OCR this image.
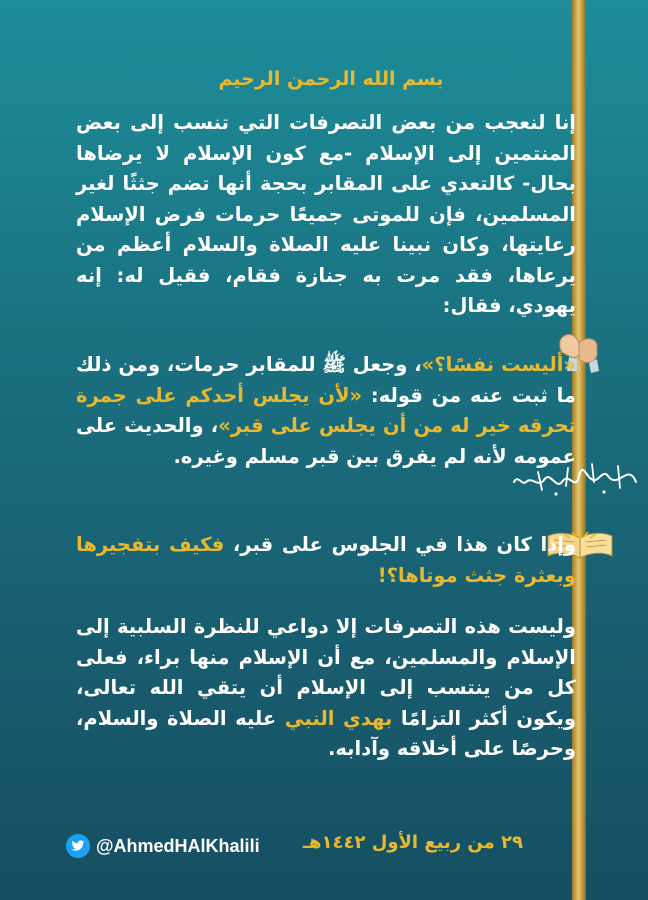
بسم الله الرحمن الرحيم

إنا لنعجب من بعض التصرفات التي تنسب إلى بعض المنتمين إلى الإسلام -مع كون الإسلام لا يرضاها بحال- كالتعدي على المقابر بحجة أنها تضم جثثًا لغير المسلمين، فإن للموتى جميعًا حرمات فرض الإسلام رعايتها، وكان نبينا عليه الصلاة والسلام أعظم من يرعاها، فقد مرت به جنازة فقام، فقيل له: إنه يهودي، فقال:

«أليست نفسًا؟»، وجعل ﷺ للمقابر حرمات، ومن ذلك ما ثبت عنه من قوله: «لأن يجلس أحدكم على جمرة تحرقه خير له من أن يجلس على قبر»، والحديث على عمومه لأنه لم يفرق بين قبر مسلم وغيره.

وإذا كان هذا في الجلوس على قبر، فكيف بتفجيرها وبعثرة جثث موتاها؟!

وليست هذه التصرفات إلا دواعي للنظرة السلبية إلى الإسلام والمسلمين، مع أن الإسلام منها براء، فعلى كل من ينتسب إلى الإسلام أن يتقي الله تعالى، ويكون أكثر التزامًا بهدي النبي عليه الصلاة والسلام، وحرصًا على أخلاقه وآدابه.

٢٩ من ربيع الأول ١٤٤٢هـ
@AhmedHAlKhalili
